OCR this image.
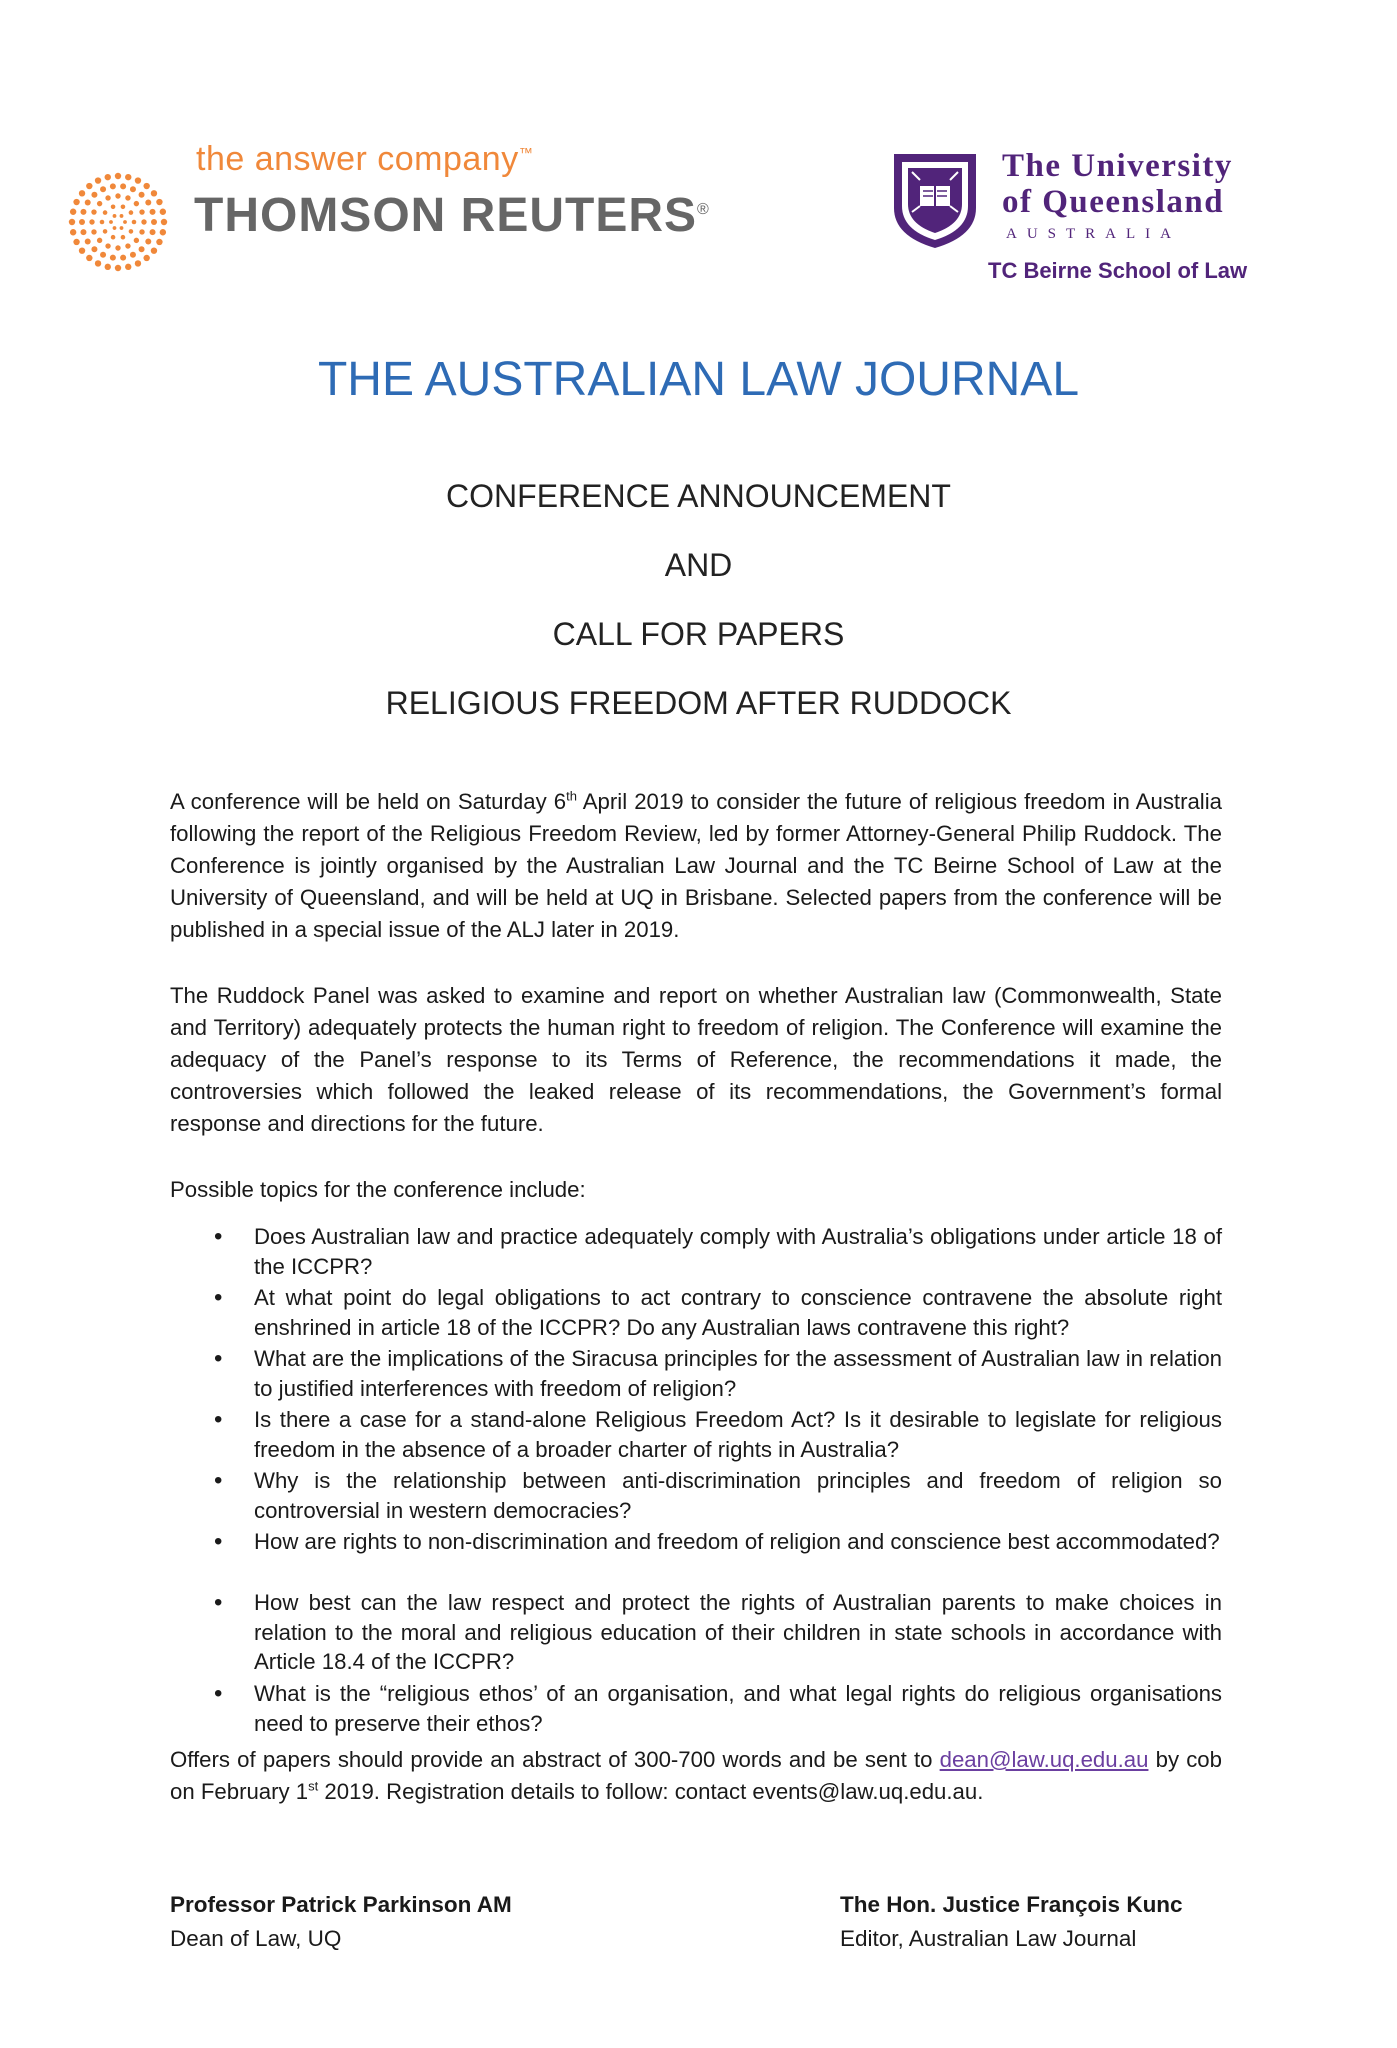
the answer company™
THOMSON REUTERS®
The University
of Queensland
AUSTRALIA
TC Beirne School of Law
THE AUSTRALIAN LAW JOURNAL
CONFERENCE ANNOUNCEMENT
AND
CALL FOR PAPERS
RELIGIOUS FREEDOM AFTER RUDDOCK
A conference will be held on Saturday 6th April 2019 to consider the future of religious freedom in Australia following the report of the Religious Freedom Review, led by former Attorney-General Philip Ruddock. The Conference is jointly organised by the Australian Law Journal and the TC Beirne School of Law at the University of Queensland, and will be held at UQ in Brisbane. Selected papers from the conference will be published in a special issue of the ALJ later in 2019.
The Ruddock Panel was asked to examine and report on whether Australian law (Commonwealth, State and Territory) adequately protects the human right to freedom of religion. The Conference will examine the adequacy of the Panel’s response to its Terms of Reference, the recommendations it made, the controversies which followed the leaked release of its recommendations, the Government’s formal response and directions for the future.
Possible topics for the conference include:
• Does Australian law and practice adequately comply with Australia’s obligations under article 18 of the ICCPR?
• At what point do legal obligations to act contrary to conscience contravene the absolute right enshrined in article 18 of the ICCPR? Do any Australian laws contravene this right?
• What are the implications of the Siracusa principles for the assessment of Australian law in relation to justified interferences with freedom of religion?
• Is there a case for a stand-alone Religious Freedom Act? Is it desirable to legislate for religious freedom in the absence of a broader charter of rights in Australia?
• Why is the relationship between anti-discrimination principles and freedom of religion so controversial in western democracies?
• How are rights to non-discrimination and freedom of religion and conscience best accommodated?
• How best can the law respect and protect the rights of Australian parents to make choices in relation to the moral and religious education of their children in state schools in accordance with Article 18.4 of the ICCPR?
• What is the “religious ethos’ of an organisation, and what legal rights do religious organisations need to preserve their ethos?
Offers of papers should provide an abstract of 300-700 words and be sent to dean@law.uq.edu.au by cob on February 1st 2019. Registration details to follow: contact events@law.uq.edu.au.
Professor Patrick Parkinson AM
Dean of Law, UQ
The Hon. Justice François Kunc
Editor, Australian Law Journal
